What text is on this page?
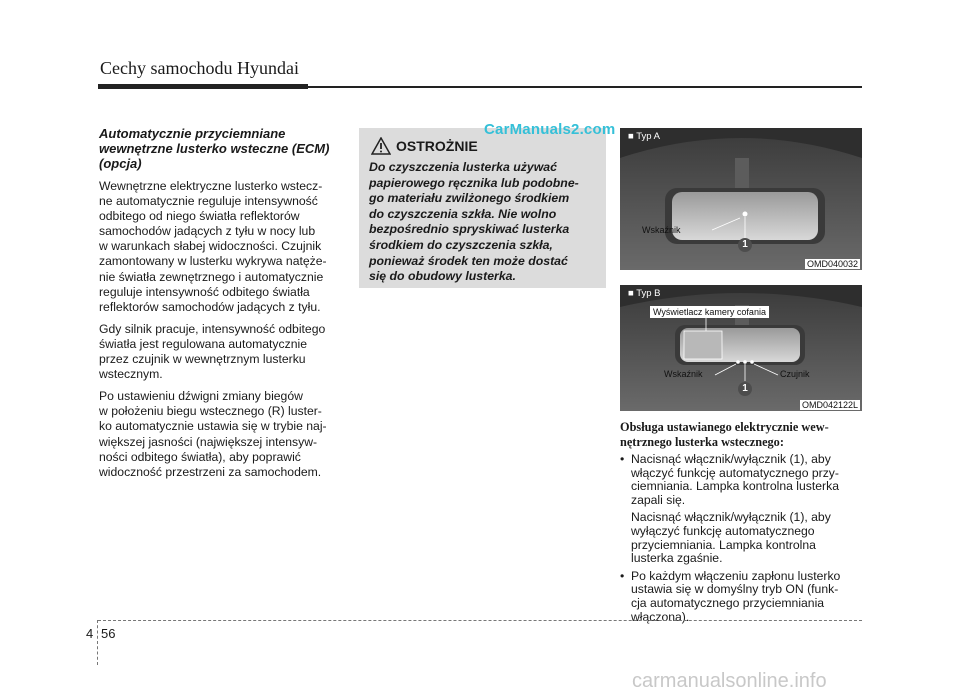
Cechy samochodu Hyundai
Automatycznie przyciemniane
wewnętrzne lusterko wsteczne (ECM)
(opcja)
Wewnętrzne elektryczne lusterko wstecz-
ne automatycznie reguluje intensywność
odbitego od niego światła reflektorów
samochodów jadących z tyłu w nocy lub
w warunkach słabej widoczności. Czujnik
zamontowany w lusterku wykrywa natęże-
nie światła zewnętrznego i automatycznie
reguluje intensywność odbitego światła
reflektorów samochodów jadących z tyłu.
Gdy silnik pracuje, intensywność odbitego
światła jest regulowana automatycznie
przez czujnik w wewnętrznym lusterku
wstecznym.
Po ustawieniu dźwigni zmiany biegów
w położeniu biegu wstecznego (R) luster-
ko automatycznie ustawia się w trybie naj-
większej jasności (największej intensyw-
ności odbitego światła), aby poprawić
widoczność przestrzeni za samochodem.
OSTROŻNIE
Do czyszczenia lusterka używać
papierowego ręcznika lub podobne-
go materiału zwilżonego środkiem
do czyszczenia szkła. Nie wolno
bezpośrednio spryskiwać lusterka
środkiem do czyszczenia szkła,
ponieważ środek ten może dostać
się do obudowy lusterka.
CarManuals2.com ■ Typ A
Wskaźnik
1
OMD040032
■ Typ B
Wyświetlacz kamery cofania
Wskaźnik	Czujnik
1
OMD042122L
Obsługa ustawianego elektrycznie wew-
nętrznego lusterka wstecznego:
• Nacisnąć włącznik/wyłącznik (1), aby
włączyć funkcję automatycznego przy-
ciemniania. Lampka kontrolna lusterka
zapali się.
Nacisnąć włącznik/wyłącznik (1), aby
wyłączyć funkcję automatycznego
przyciemniania. Lampka kontrolna
lusterka zgaśnie.
• Po każdym włączeniu zapłonu lusterko
ustawia się w domyślny tryb ON (funk-
cja automatycznego przyciemniania
włączona).
4 56
carmanualsonline.info
